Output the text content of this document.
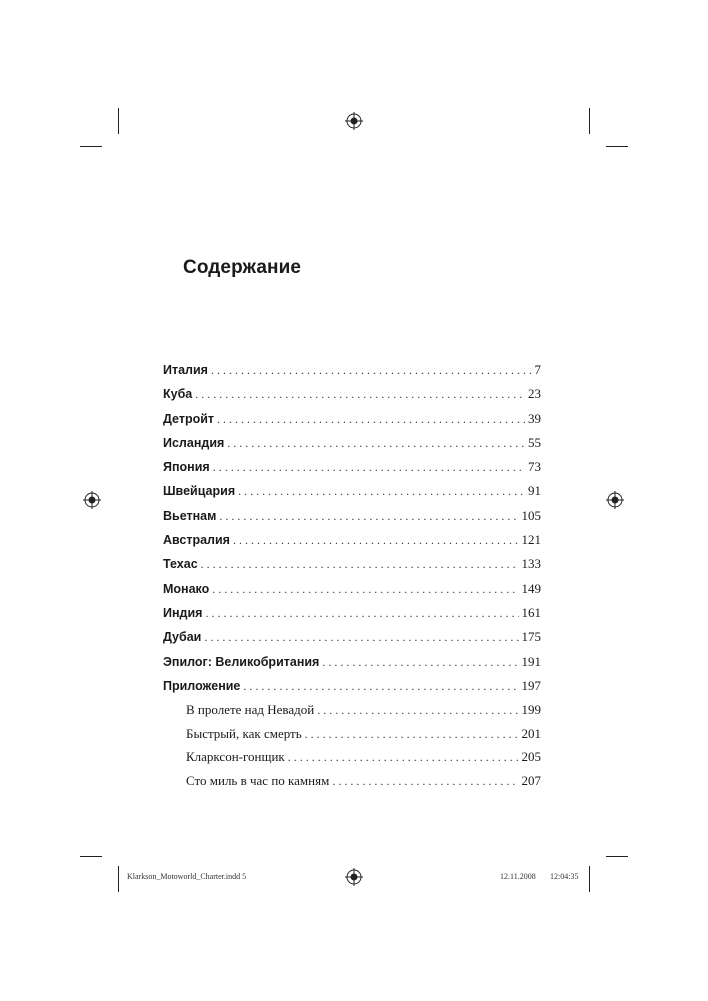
Содержание
Италия . . .	7
Куба . . .	23
Детройт . . .	39
Исландия . . .	55
Япония . . .	73
Швейцария . . .	91
Вьетнам . . .	105
Австралия . . .	121
Техас . . .	133
Монако . . .	149
Индия . . .	161
Дубаи . . .	175
Эпилог: Великобритания . . .	191
Приложение . . .	197
В пролете над Невадой . . .	199
Быстрый, как смерть . . .	201
Кларксон-гонщик . . .	205
Сто миль в час по камням . . .	207
Klarkson_Motoworld_Charter.indd 5	12.11.2008 12:04:35
